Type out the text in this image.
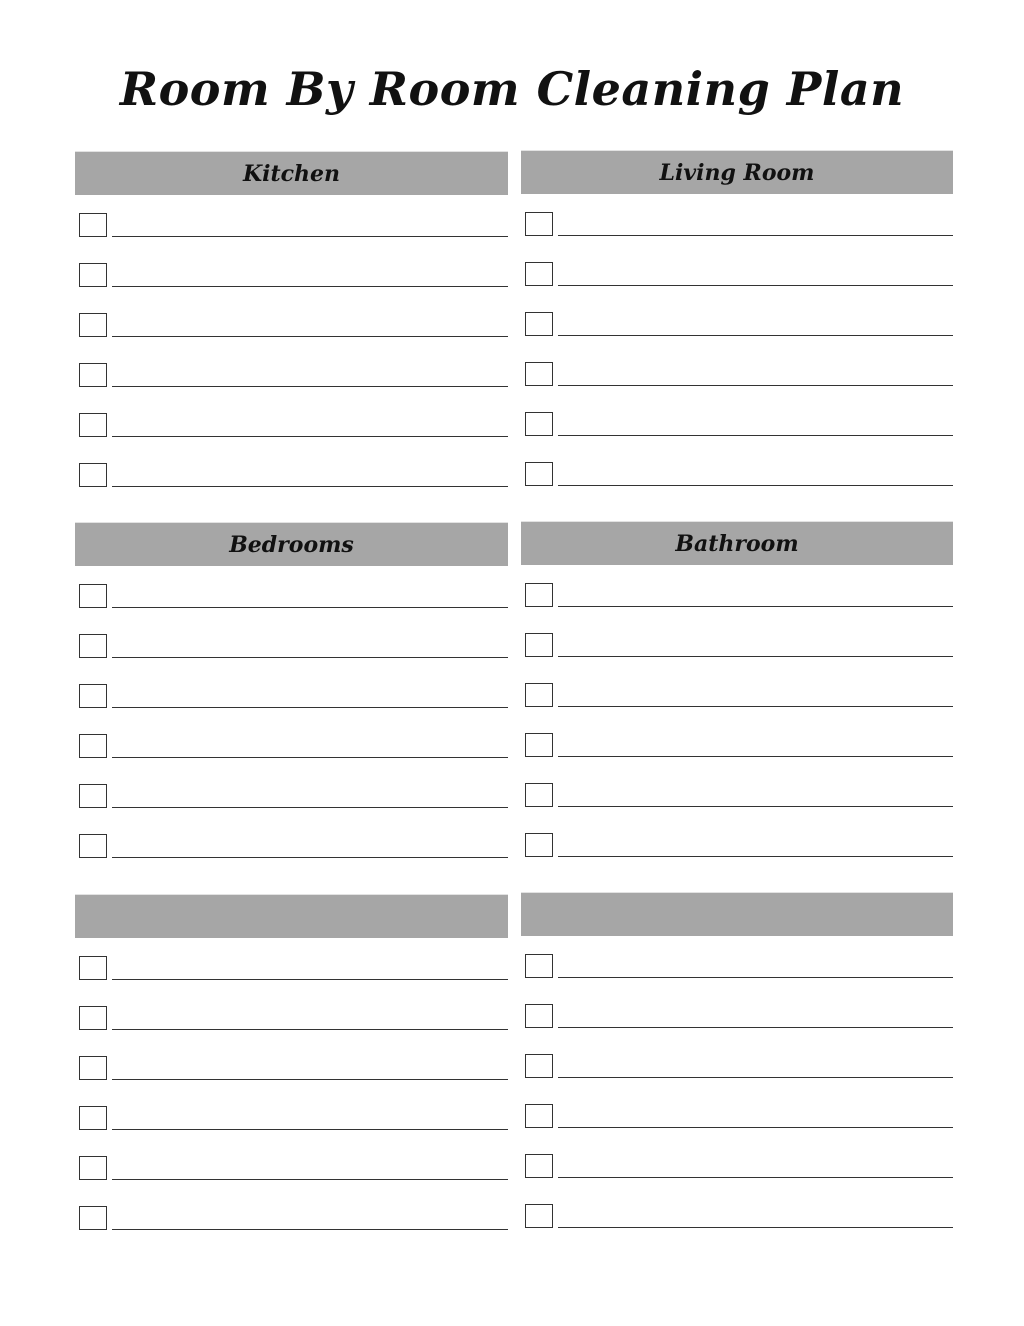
Room By Room Cleaning Plan
Kitchen	Living Room
Bedrooms	Bathroom
